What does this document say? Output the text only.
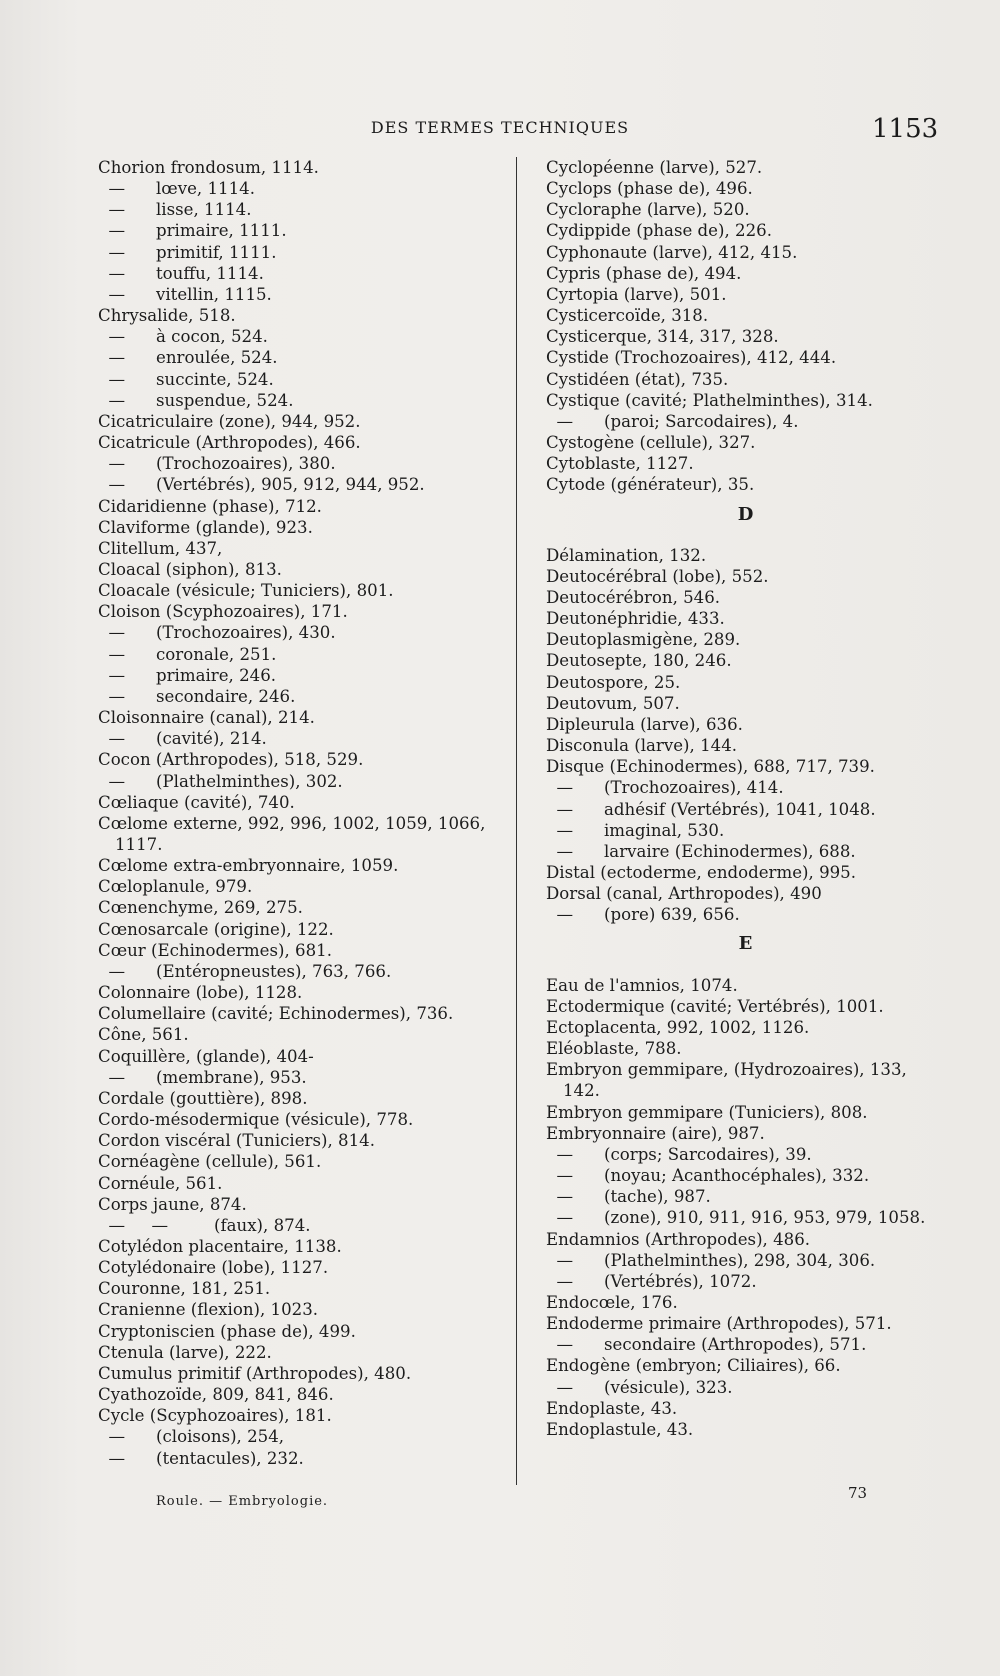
DES TERMES TECHNIQUES	1153
Chorion frondosum, 1114.
— lœve, 1114.
— lisse, 1114.
— primaire, 1111.
— primitif, 1111.
— touffu, 1114.
— vitellin, 1115.
Chrysalide, 518.
— à cocon, 524.
— enroulée, 524.
— succinte, 524.
— suspendue, 524.
Cicatriculaire (zone), 944, 952.
Cicatricule (Arthropodes), 466.
— (Trochozoaires), 380.
— (Vertébrés), 905, 912, 944, 952.
Cidaridienne (phase), 712.
Claviforme (glande), 923.
Clitellum, 437,
Cloacal (siphon), 813.
Cloacale (vésicule; Tuniciers), 801.
Cloison (Scyphozoaires), 171.
— (Trochozoaires), 430.
— coronale, 251.
— primaire, 246.
— secondaire, 246.
Cloisonnaire (canal), 214.
— (cavité), 214.
Cocon (Arthropodes), 518, 529.
— (Plathelminthes), 302.
Cœliaque (cavité), 740.
Cœlome externe, 992, 996, 1002, 1059, 1066,
1117.
Cœlome extra-embryonnaire, 1059.
Cœloplanule, 979.
Cœnenchyme, 269, 275.
Cœnosarcale (origine), 122.
Cœur (Echinodermes), 681.
— (Entéropneustes), 763, 766.
Colonnaire (lobe), 1128.
Columellaire (cavité; Echinodermes), 736.
Cône, 561.
Coquillère, (glande), 404-
— (membrane), 953.
Cordale (gouttière), 898.
Cordo-mésodermique (vésicule), 778.
Cordon viscéral (Tuniciers), 814.
Cornéagène (cellule), 561.
Cornéule, 561.
Corps jaune, 874.
—     —	(faux), 874.
Cotylédon placentaire, 1138.
Cotylédonaire (lobe), 1127.
Couronne, 181, 251.
Cranienne (flexion), 1023.
Cryptoniscien (phase de), 499.
Ctenula (larve), 222.
Cumulus primitif (Arthropodes), 480.
Cyathozoïde, 809, 841, 846.
Cycle (Scyphozoaires), 181.
— (cloisons), 254,
— (tentacules), 232.
Cyclopéenne (larve), 527.
Cyclops (phase de), 496.
Cycloraphe (larve), 520.
Cydippide (phase de), 226.
Cyphonaute (larve), 412, 415.
Cypris (phase de), 494.
Cyrtopia (larve), 501.
Cysticercoïde, 318.
Cysticerque, 314, 317, 328.
Cystide (Trochozoaires), 412, 444.
Cystidéen (état), 735.
Cystique (cavité; Plathelminthes), 314.
— (paroi; Sarcodaires), 4.
Cystogène (cellule), 327.
Cytoblaste, 1127.
Cytode (générateur), 35.
D
Délamination, 132.
Deutocérébral (lobe), 552.
Deutocérébron, 546.
Deutonéphridie, 433.
Deutoplasmigène, 289.
Deutosepte, 180, 246.
Deutospore, 25.
Deutovum, 507.
Dipleurula (larve), 636.
Disconula (larve), 144.
Disque (Echinodermes), 688, 717, 739.
— (Trochozoaires), 414.
— adhésif (Vertébrés), 1041, 1048.
— imaginal, 530.
— larvaire (Echinodermes), 688.
Distal (ectoderme, endoderme), 995.
Dorsal (canal, Arthropodes), 490
— (pore) 639, 656.
E
Eau de l'amnios, 1074.
Ectodermique (cavité; Vertébrés), 1001.
Ectoplacenta, 992, 1002, 1126.
Eléoblaste, 788.
Embryon gemmipare, (Hydrozoaires), 133,
142.
Embryon gemmipare (Tuniciers), 808.
Embryonnaire (aire), 987.
— (corps; Sarcodaires), 39.
— (noyau; Acanthocéphales), 332.
— (tache), 987.
— (zone), 910, 911, 916, 953, 979, 1058.
Endamnios (Arthropodes), 486.
— (Plathelminthes), 298, 304, 306.
— (Vertébrés), 1072.
Endocœle, 176.
Endoderme primaire (Arthropodes), 571.
— secondaire (Arthropodes), 571.
Endogène (embryon; Ciliaires), 66.
— (vésicule), 323.
Endoplaste, 43.
Endoplastule, 43.
Roule. — Embryologie.	73
